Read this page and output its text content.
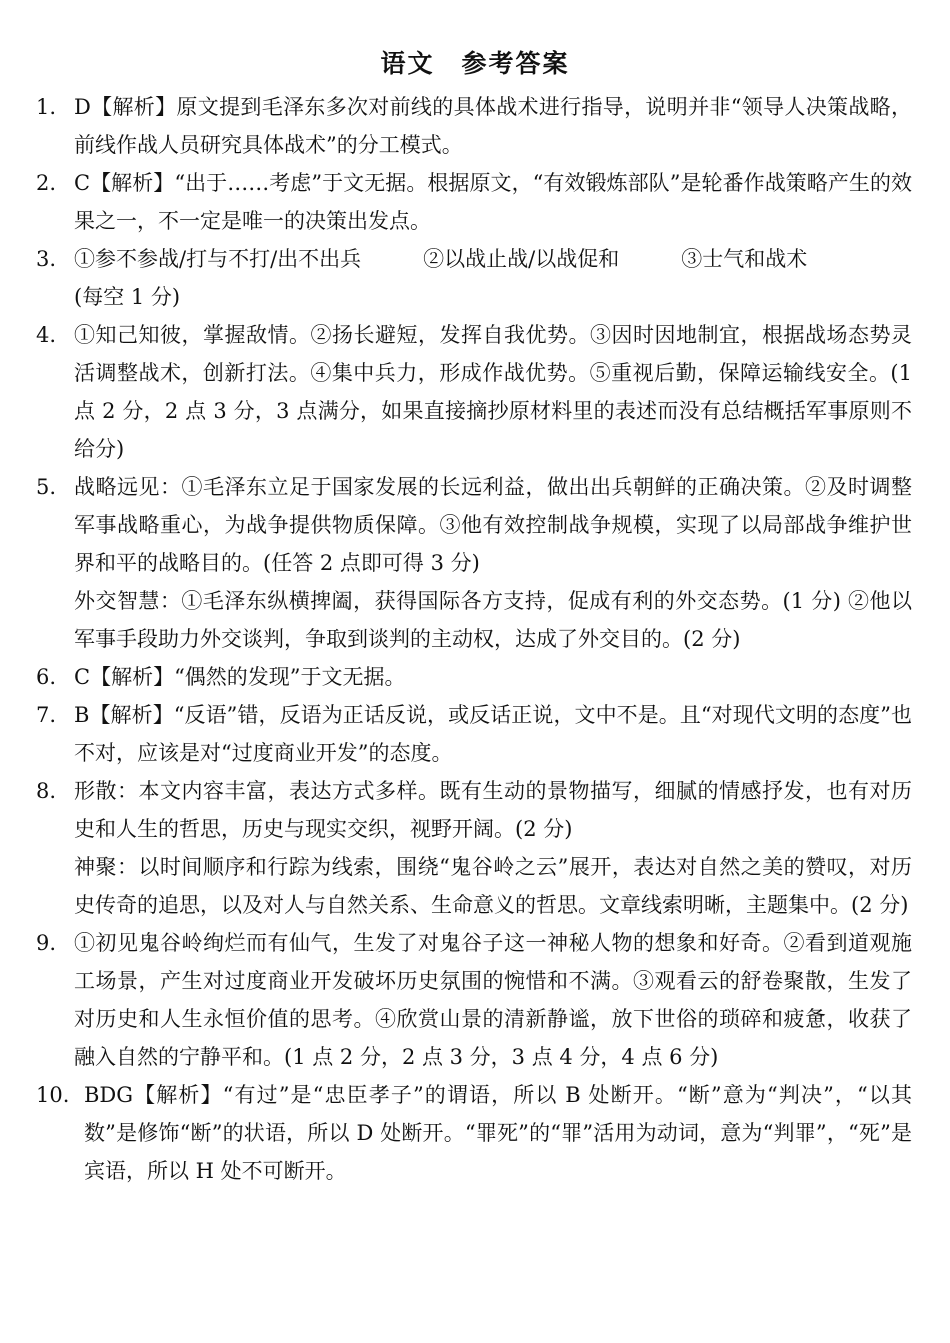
语文　参考答案
1. D【解析】原文提到毛泽东多次对前线的具体战术进行指导，说明并非“领导人决策战略，前线作战人员研究具体战术”的分工模式。
2. C【解析】“出于……考虑”于文无据。根据原文，“有效锻炼部队”是轮番作战策略产生的效果之一，不一定是唯一的决策出发点。
3. ①参不参战/打与不打/出不出兵	②以战止战/以战促和	③士气和战术
(每空 1 分)
4. ①知己知彼，掌握敌情。②扬长避短，发挥自我优势。③因时因地制宜，根据战场态势灵活调整战术，创新打法。④集中兵力，形成作战优势。⑤重视后勤，保障运输线安全。(1 点 2 分，2 点 3 分，3 点满分，如果直接摘抄原材料里的表述而没有总结概括军事原则不给分)
5. 战略远见：①毛泽东立足于国家发展的长远利益，做出出兵朝鲜的正确决策。②及时调整军事战略重心，为战争提供物质保障。③他有效控制战争规模，实现了以局部战争维护世界和平的战略目的。(任答 2 点即可得 3 分)
外交智慧：①毛泽东纵横捭阖，获得国际各方支持，促成有利的外交态势。(1 分) ②他以军事手段助力外交谈判，争取到谈判的主动权，达成了外交目的。(2 分)
6. C【解析】“偶然的发现”于文无据。
7. B【解析】“反语”错，反语为正话反说，或反话正说，文中不是。且“对现代文明的态度”也不对，应该是对“过度商业开发”的态度。
8. 形散：本文内容丰富，表达方式多样。既有生动的景物描写，细腻的情感抒发，也有对历史和人生的哲思，历史与现实交织，视野开阔。(2 分)
神聚：以时间顺序和行踪为线索，围绕“鬼谷岭之云”展开，表达对自然之美的赞叹，对历史传奇的追思，以及对人与自然关系、生命意义的哲思。文章线索明晰，主题集中。(2 分)
9. ①初见鬼谷岭绚烂而有仙气，生发了对鬼谷子这一神秘人物的想象和好奇。②看到道观施工场景，产生对过度商业开发破坏历史氛围的惋惜和不满。③观看云的舒卷聚散，生发了对历史和人生永恒价值的思考。④欣赏山景的清新静谧，放下世俗的琐碎和疲惫，收获了融入自然的宁静平和。(1 点 2 分，2 点 3 分，3 点 4 分，4 点 6 分)
10. BDG【解析】“有过”是“忠臣孝子”的谓语，所以 B 处断开。“断”意为“判决”，“以其数”是修饰“断”的状语，所以 D 处断开。“罪死”的“罪”活用为动词，意为“判罪”，“死”是宾语，所以 H 处不可断开。
